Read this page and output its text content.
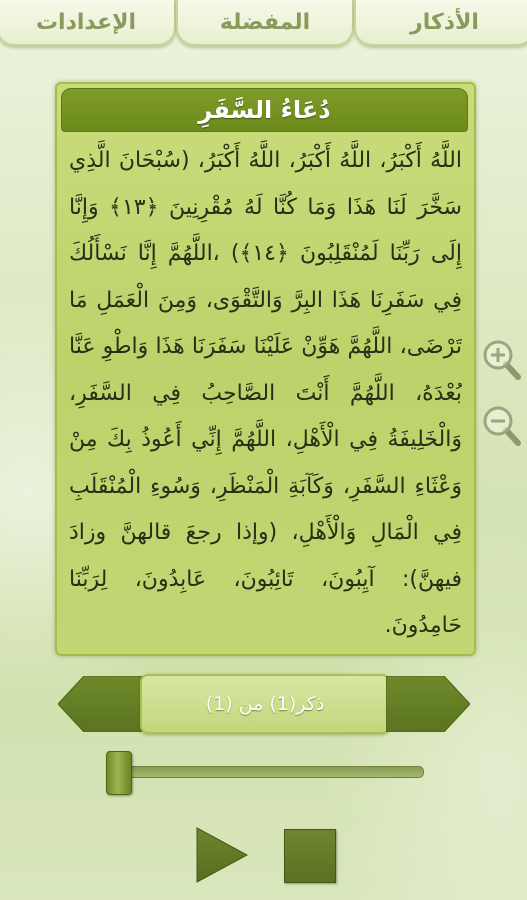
الإعدادات	المفضلة	الأذكار
دُعَاءُ السَّفَرِ
اللَّهُ أَكْبَرُ، اللَّهُ أَكْبَرُ، اللَّهُ أَكْبَرُ، (سُبْحَانَ الَّذِي سَخَّرَ لَنَا هَذَا وَمَا كُنَّا لَهُ مُقْرِنِينَ ﴿١٣﴾ وَإِنَّا إِلَى رَبِّنَا لَمُنْقَلِبُونَ ﴿١٤﴾) ،اللَّهُمَّ إِنَّا نَسْأَلُكَ فِي سَفَرِنَا هَذَا البِرَّ وَالتَّقْوَى، وَمِنَ الْعَمَلِ مَا تَرْضَى، اللَّهُمَّ هَوِّنْ عَلَيْنَا سَفَرَنَا هَذَا وَاطْوِ عَنَّا بُعْدَهُ، اللَّهُمَّ أَنْتَ الصَّاحِبُ فِي السَّفَرِ، وَالْخَلِيفَةُ فِي الْأَهْلِ، اللَّهُمَّ إِنِّي أَعُوذُ بِكَ مِنْ وَعْثَاءِ السَّفَرِ، وَكَآبَةِ الْمَنْظَرِ، وَسُوءِ الْمُنْقَلَبِ فِي الْمَالِ وَالْأَهْلِ، (وإذا رجعَ قالهنَّ وزادَ فيهنَّ): آيِبُونَ، تَائِبُونَ، عَابِدُونَ، لِرَبِّنَا حَامِدُونَ.
ذكر(1) من (1)
